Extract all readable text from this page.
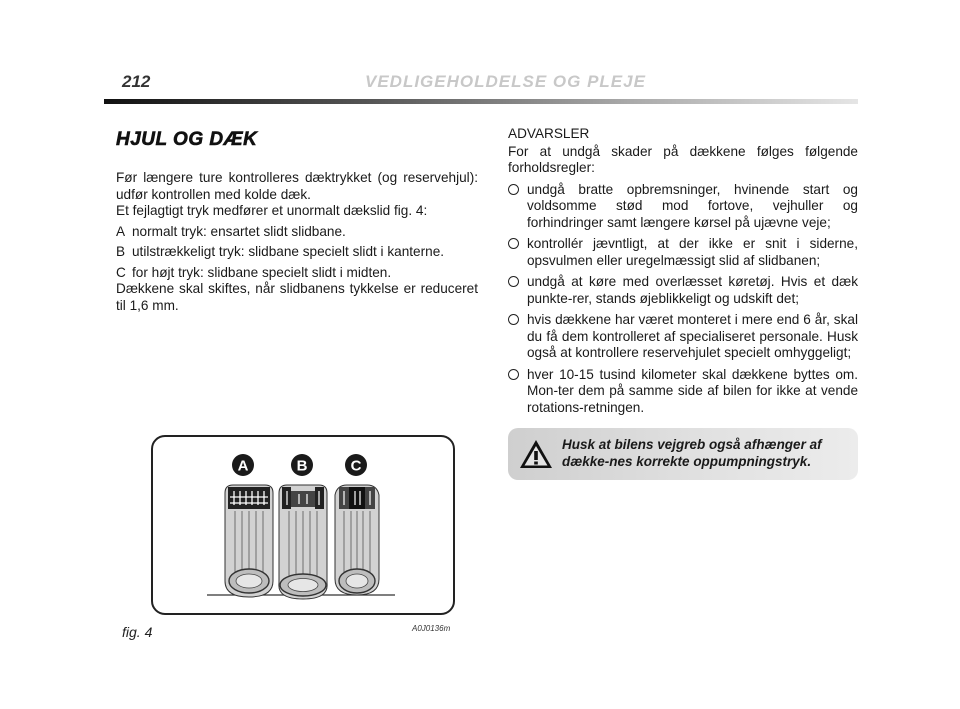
212	VEDLIGEHOLDELSE OG PLEJE
HJUL OG DÆK

Før længere ture kontrolleres dæktrykket (og reservehjul): udfør kontrollen med kolde dæk.

Et fejlagtigt tryk medfører et unormalt dækslid fig. 4:

A normalt tryk: ensartet slidt slidbane.
B utilstrækkeligt tryk: slidbane specielt slidt i kanterne.
C for højt tryk: slidbane specielt slidt i midten.

Dækkene skal skiftes, når slidbanens tykkelse er reduceret til 1,6 mm.

ADVARSLER

For at undgå skader på dækkene følges følgende forholdsregler:

undgå bratte opbremsninger, hvinende start og voldsomme stød mod fortove, vejhuller og forhindringer samt længere kørsel på ujævne veje;
kontrollér jævntligt, at der ikke er snit i siderne, opsvulmen eller uregelmæssigt slid af slidbanen;
undgå at køre med overlæsset køretøj. Hvis et dæk punkte-rer, stands øjeblikkeligt og udskift det;
hvis dækkene har været monteret i mere end 6 år, skal du få dem kontrolleret af specialiseret personale. Husk også at kontrollere reservehjulet specielt omhyggeligt;
hver 10-15 tusind kilometer skal dækkene byttes om. Mon-ter dem på samme side af bilen for ikke at vende rotations-retningen.
Husk at bilens vejgreb også afhænger af dække-nes korrekte oppumpningstryk.
A	B	C
fig. 4	A0J0136m
